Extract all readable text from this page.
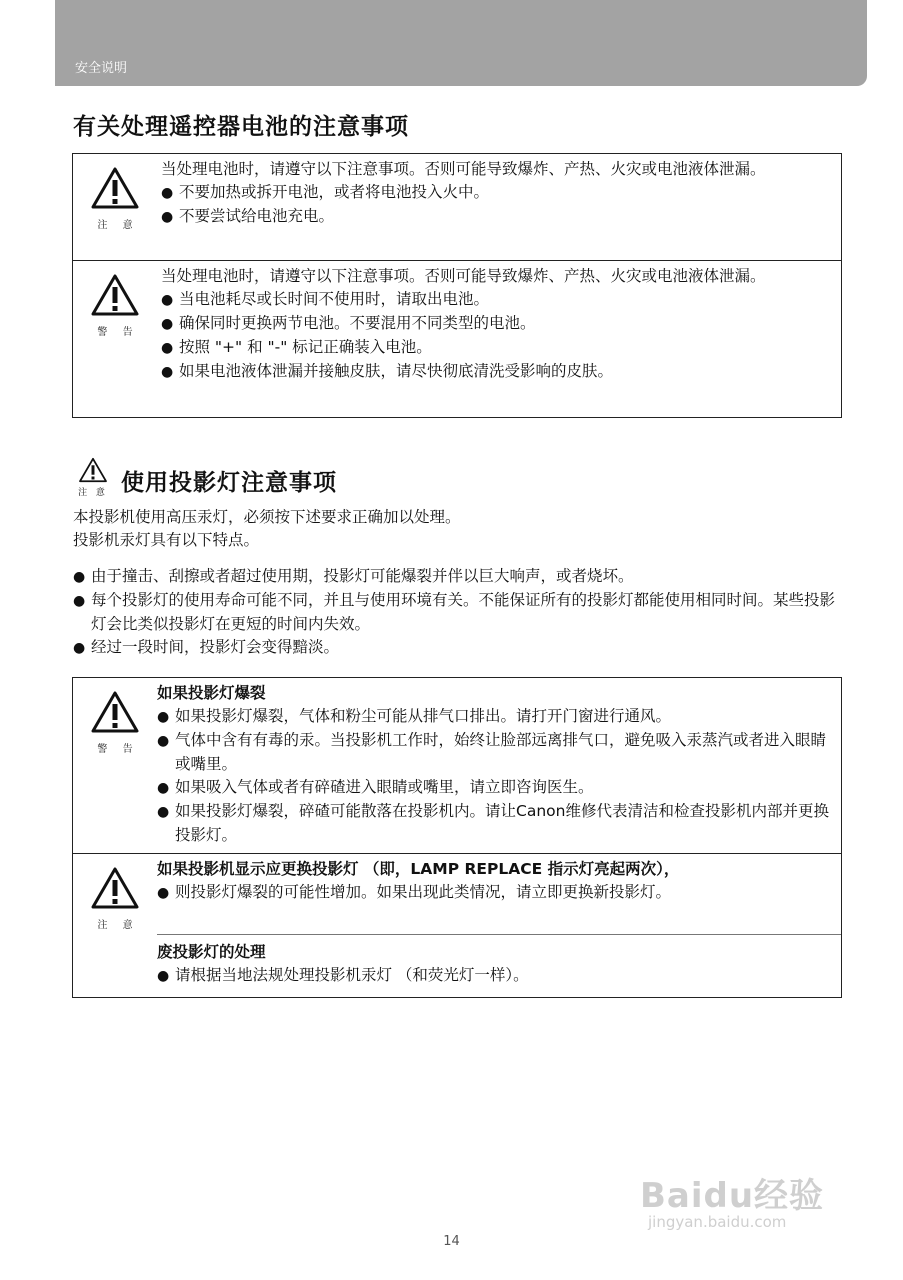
安全说明
有关处理遥控器电池的注意事项
注 意
当处理电池时，请遵守以下注意事项。否则可能导致爆炸、产热、火灾或电池液体泄漏。
● 不要加热或拆开电池，或者将电池投入火中。
● 不要尝试给电池充电。
警 告
当处理电池时，请遵守以下注意事项。否则可能导致爆炸、产热、火灾或电池液体泄漏。
● 当电池耗尽或长时间不使用时，请取出电池。
● 确保同时更换两节电池。不要混用不同类型的电池。
● 按照 "+" 和 "-" 标记正确装入电池。
● 如果电池液体泄漏并接触皮肤，请尽快彻底清洗受影响的皮肤。
注 意 使用投影灯注意事项
本投影机使用高压汞灯，必须按下述要求正确加以处理。
投影机汞灯具有以下特点。
● 由于撞击、刮擦或者超过使用期，投影灯可能爆裂并伴以巨大响声，或者烧坏。
● 每个投影灯的使用寿命可能不同，并且与使用环境有关。不能保证所有的投影灯都能使用相同时间。某些投影灯会比类似投影灯在更短的时间内失效。
● 经过一段时间，投影灯会变得黯淡。
警 告
如果投影灯爆裂
● 如果投影灯爆裂，气体和粉尘可能从排气口排出。请打开门窗进行通风。
● 气体中含有有毒的汞。当投影机工作时，始终让脸部远离排气口，避免吸入汞蒸汽或者进入眼睛或嘴里。
● 如果吸入气体或者有碎碴进入眼睛或嘴里，请立即咨询医生。
● 如果投影灯爆裂，碎碴可能散落在投影机内。请让Canon维修代表清洁和检查投影机内部并更换投影灯。
注 意
如果投影机显示应更换投影灯 （即，LAMP REPLACE 指示灯亮起两次），
● 则投影灯爆裂的可能性增加。如果出现此类情况，请立即更换新投影灯。
废投影灯的处理
● 请根据当地法规处理投影机汞灯 （和荧光灯一样）。
Baidu经验
jingyan.baidu.com
14
